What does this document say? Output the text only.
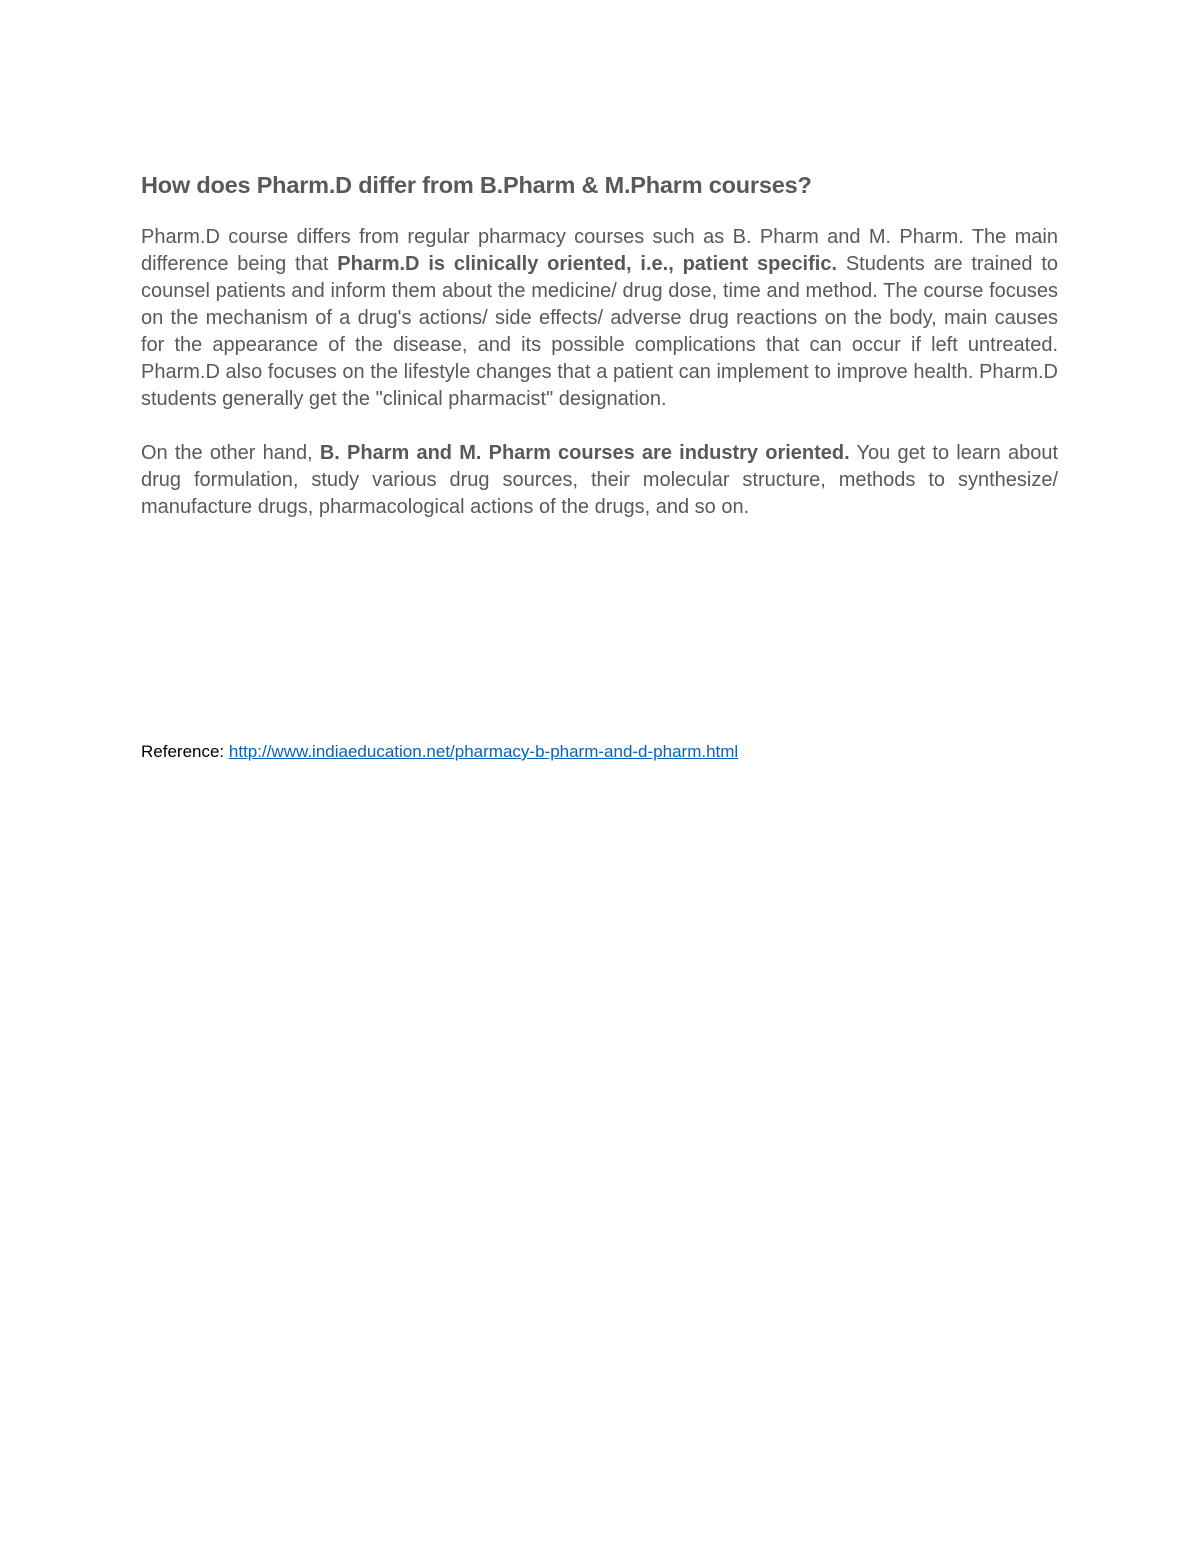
How does Pharm.D differ from B.Pharm & M.Pharm courses?

Pharm.D course differs from regular pharmacy courses such as B. Pharm and M. Pharm. The main difference being that Pharm.D is clinically oriented, i.e., patient specific. Students are trained to counsel patients and inform them about the medicine/ drug dose, time and method. The course focuses on the mechanism of a drug's actions/ side effects/ adverse drug reactions on the body, main causes for the appearance of the disease, and its possible complications that can occur if left untreated. Pharm.D also focuses on the lifestyle changes that a patient can implement to improve health. Pharm.D students generally get the "clinical pharmacist" designation.

On the other hand, B. Pharm and M. Pharm courses are industry oriented. You get to learn about drug formulation, study various drug sources, their molecular structure, methods to synthesize/ manufacture drugs, pharmacological actions of the drugs, and so on.

Reference: http://www.indiaeducation.net/pharmacy-b-pharm-and-d-pharm.html
